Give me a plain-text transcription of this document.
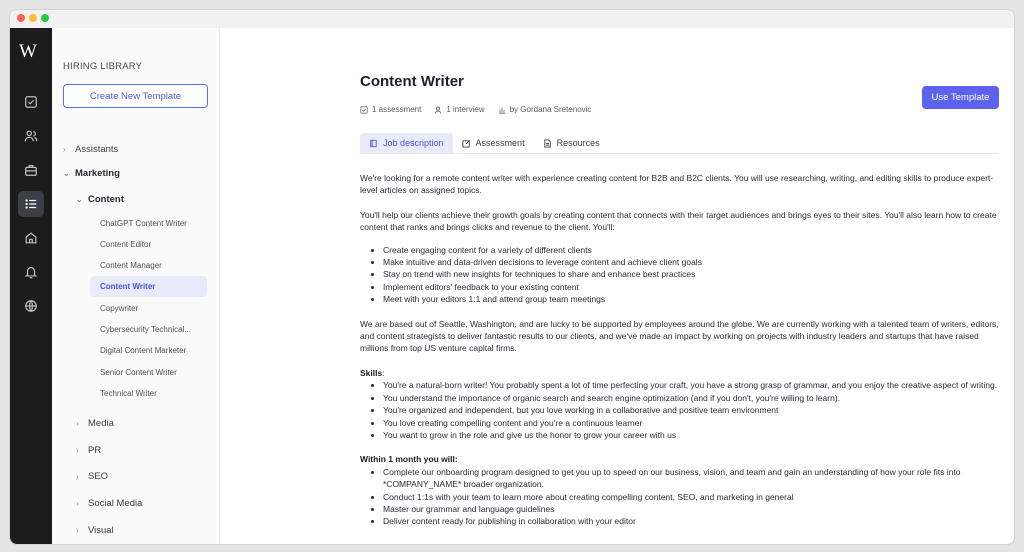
W
HIRING LIBRARY
Create New Template
› Assistants
⌄ Marketing
⌄ Content
ChatGPT Content Writer
Content Editor
Content Manager
Content Writer
Copywriter
Cybersecurity Technical...
Digital Content Marketer
Senior Content Writer
Technical Writer
› Media
› PR
› SEO
› Social Media
› Visual
Content Writer
1 assessment	1 interview	by Gordana Sretenovic
Use Template
Job description	Assessment	Resources

We're looking for a remote content writer with experience creating content for B2B and B2C clients. You will use researching, writing, and editing skills to produce expert-level articles on assigned topics.

You'll help our clients achieve their growth goals by creating content that connects with their target audiences and brings eyes to their sites. You'll also learn how to create content that ranks and brings clicks and revenue to the client. You'll:

• Create engaging content for a variety of different clients
• Make intuitive and data-driven decisions to leverage content and achieve client goals
• Stay on trend with new insights for techniques to share and enhance best practices
• Implement editors' feedback to your existing content
• Meet with your editors 1:1 and attend group team meetings

We are based out of Seattle, Washington, and are lucky to be supported by employees around the globe. We are currently working with a talented team of writers, editors, and content strategists to deliver fantastic results to our clients, and we've made an impact by working on projects with industry leaders and startups that have raised millions from top US venture capital firms.

Skills:

• You're a natural-born writer! You probably spent a lot of time perfecting your craft, you have a strong grasp of grammar, and you enjoy the creative aspect of writing.
• You understand the importance of organic search and search engine optimization (and if you don't, you're willing to learn).
• You're organized and independent, but you love working in a collaborative and positive team environment
• You love creating compelling content and you're a continuous learner
• You want to grow in the role and give us the honor to grow your career with us

Within 1 month you will:

• Complete our onboarding program designed to get you up to speed on our business, vision, and team and gain an understanding of how your role fits into *COMPANY_NAME* broader organization.
• Conduct 1:1s with your team to learn more about creating compelling content, SEO, and marketing in general
• Master our grammar and language guidelines
• Deliver content ready for publishing in collaboration with your editor
